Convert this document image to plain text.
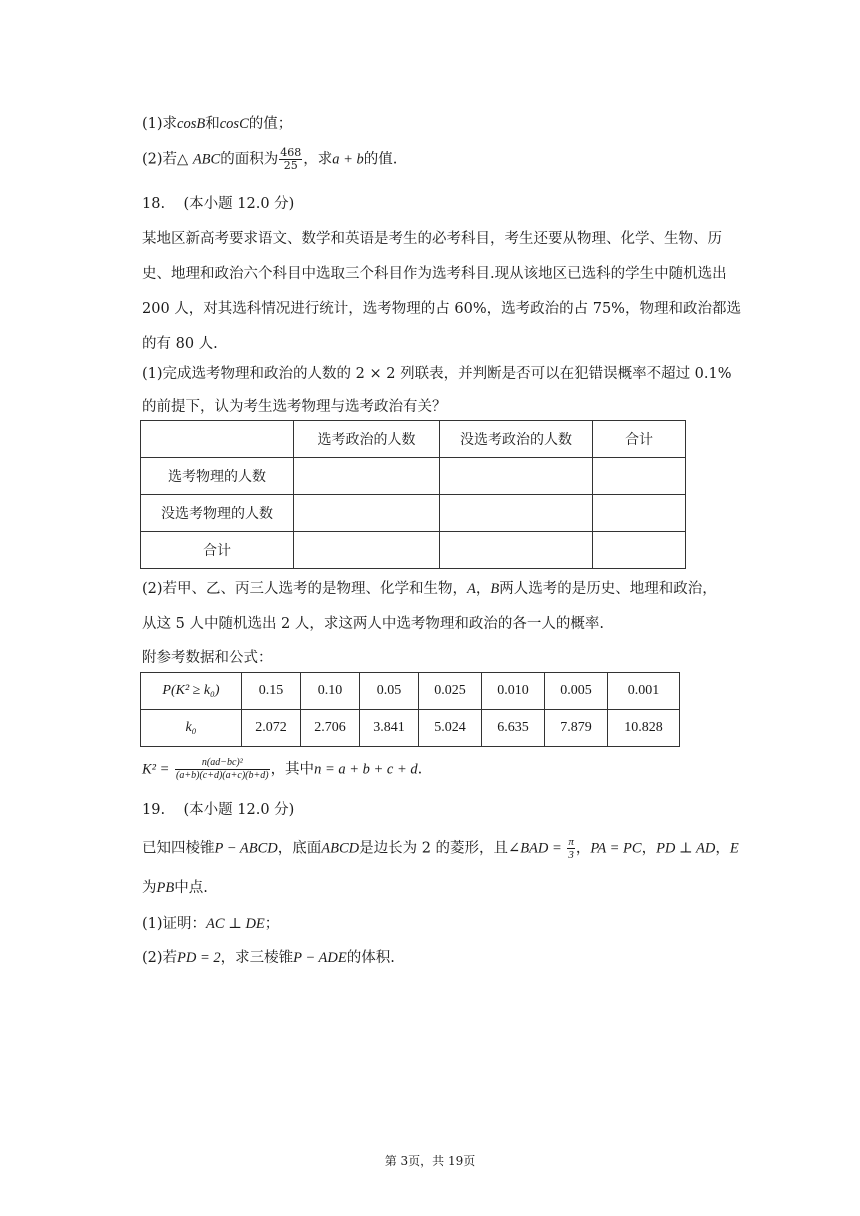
(1)求cosB和cosC的值；
(2)若△ ABC的面积为 $\frac{468}{25}$ ，求a + b的值.
18. (本小题 12.0 分)
某地区新高考要求语文、数学和英语是考生的必考科目，考生还要从物理、化学、生物、历
史、地理和政治六个科目中选取三个科目作为选考科目.现从该地区已选科的学生中随机选出
200 人，对其选科情况进行统计，选考物理的占 60%，选考政治的占 75%，物理和政治都选
的有 80 人.
(1)完成选考物理和政治的人数的 2 × 2 列联表，并判断是否可以在犯错误概率不超过 0.1%
的前提下，认为考生选考物理与选考政治有关？
	选考政治的人数	没选考政治的人数	合计
选考物理的人数			
没选考物理的人数			
合计			
(2)若甲、乙、丙三人选考的是物理、化学和生物，A，B两人选考的是历史、地理和政治，
从这 5 人中随机选出 2 人，求这两人中选考物理和政治的各一人的概率.
附参考数据和公式：
P(K² ≥ k₀)	0.15	0.10	0.05	0.025	0.010	0.005	0.001
k₀	2.072	2.706	3.841	5.024	6.635	7.879	10.828
$K^2 = \frac{\text{n(ad−bc)²}}{(a+b)(c+d)(a+c)(b+d)}$ ，其中n = a + b + c + d.
19. (本小题 12.0 分)
已知四棱锥P − ABCD，底面ABCD是边长为 2 的菱形，且∠BAD = $\frac{\pi}{3}$ ，PA = PC，PD ⊥ AD，E
为PB中点.
(1)证明：AC ⊥ DE；
(2)若PD = 2，求三棱锥P − ADE的体积.
第 3页，共 19页
